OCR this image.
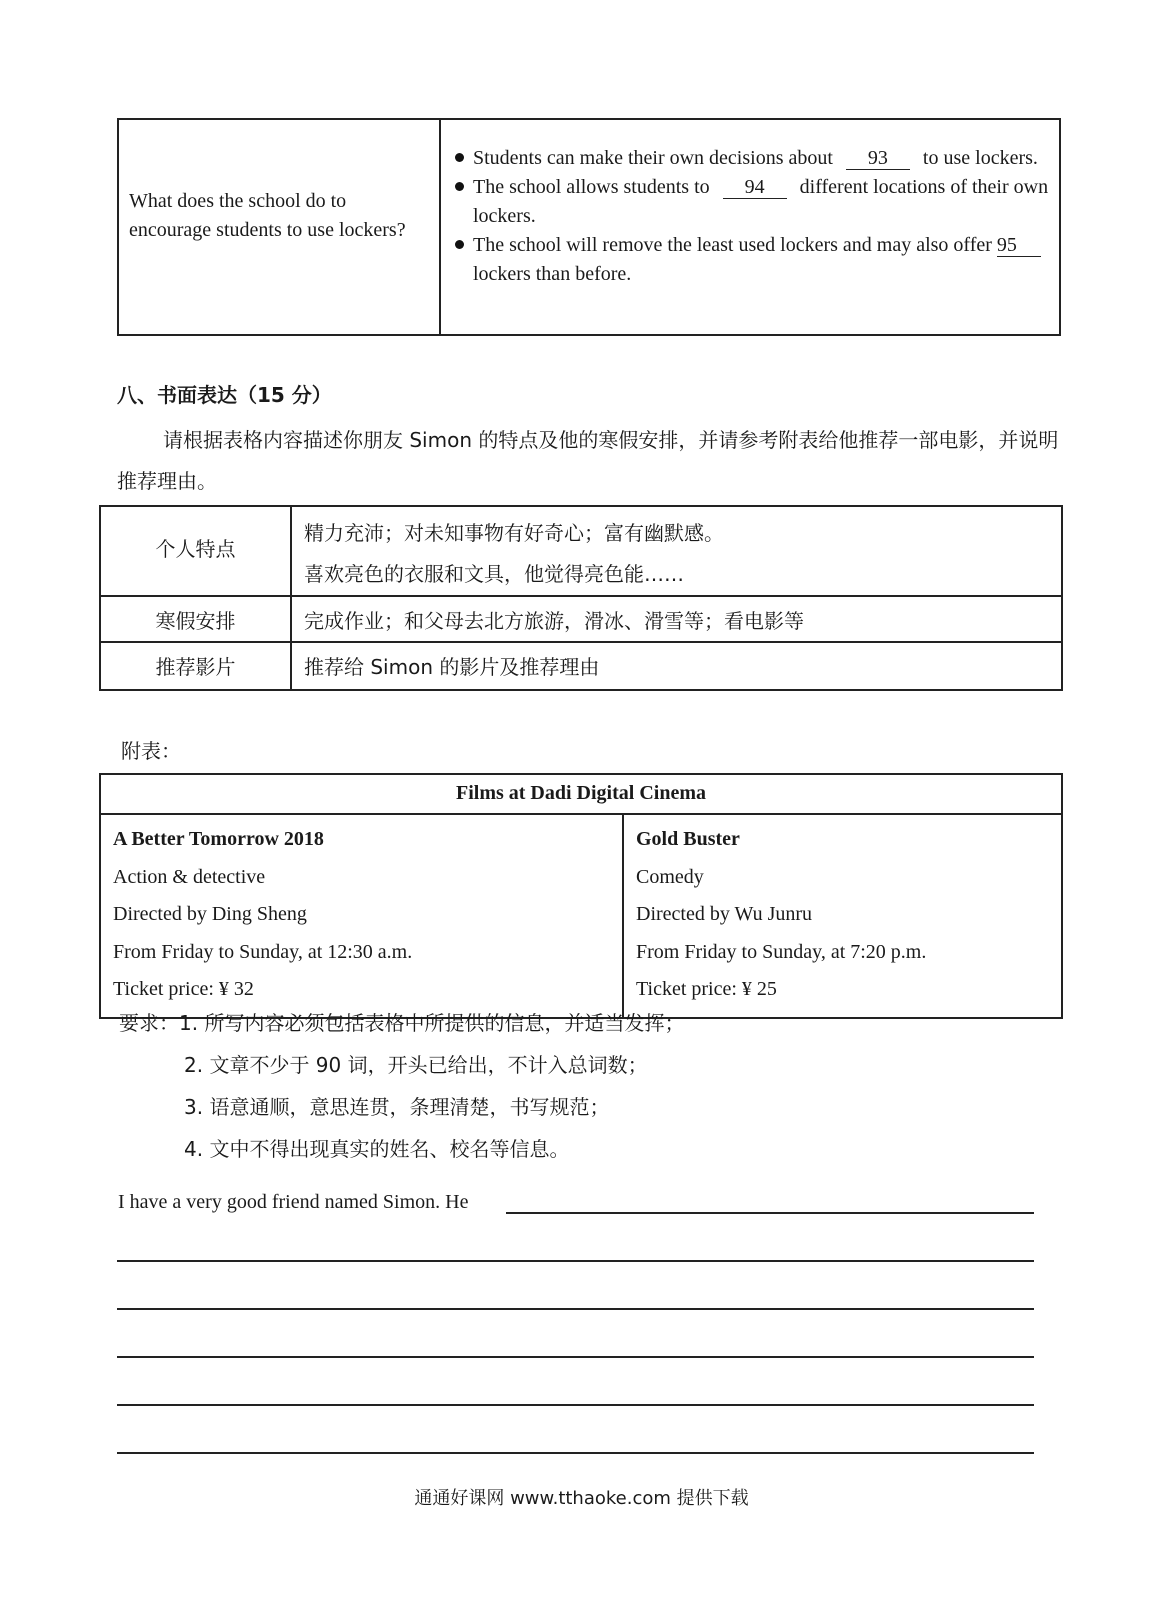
What does the school do to encourage students to use lockers?	
Students can make their own decisions about 93 to use lockers.
The school allows students to 94 different locations of their own lockers.
The school will remove the least used lockers and may also offer 95 lockers than before.
八、书面表达（15 分）
请根据表格内容描述你朋友 Simon 的特点及他的寒假安排，并请参考附表给他推荐一部电影，并说明推荐理由。
个人特点	精力充沛；对未知事物有好奇心；富有幽默感。
喜欢亮色的衣服和文具，他觉得亮色能……

寒假安排	完成作业；和父母去北方旅游，滑冰、滑雪等；看电影等
推荐影片	推荐给 Simon 的影片及推荐理由
附表：
Films at Dadi Digital Cinema

A Better Tomorrow 2018
Action & detective
Directed by Ding Sheng
From Friday to Sunday, at 12:30 a.m.
Ticket price: ¥ 32

Gold Buster
Comedy
Directed by Wu Junru
From Friday to Sunday, at 7:20 p.m.
Ticket price: ¥ 25
要求：1. 所写内容必须包括表格中所提供的信息，并适当发挥；
2. 文章不少于 90 词，开头已给出，不计入总词数；
3. 语意通顺，意思连贯，条理清楚，书写规范；
4. 文中不得出现真实的姓名、校名等信息。
I have a very good friend named Simon. He
通通好课网 www.tthaoke.com 提供下载
